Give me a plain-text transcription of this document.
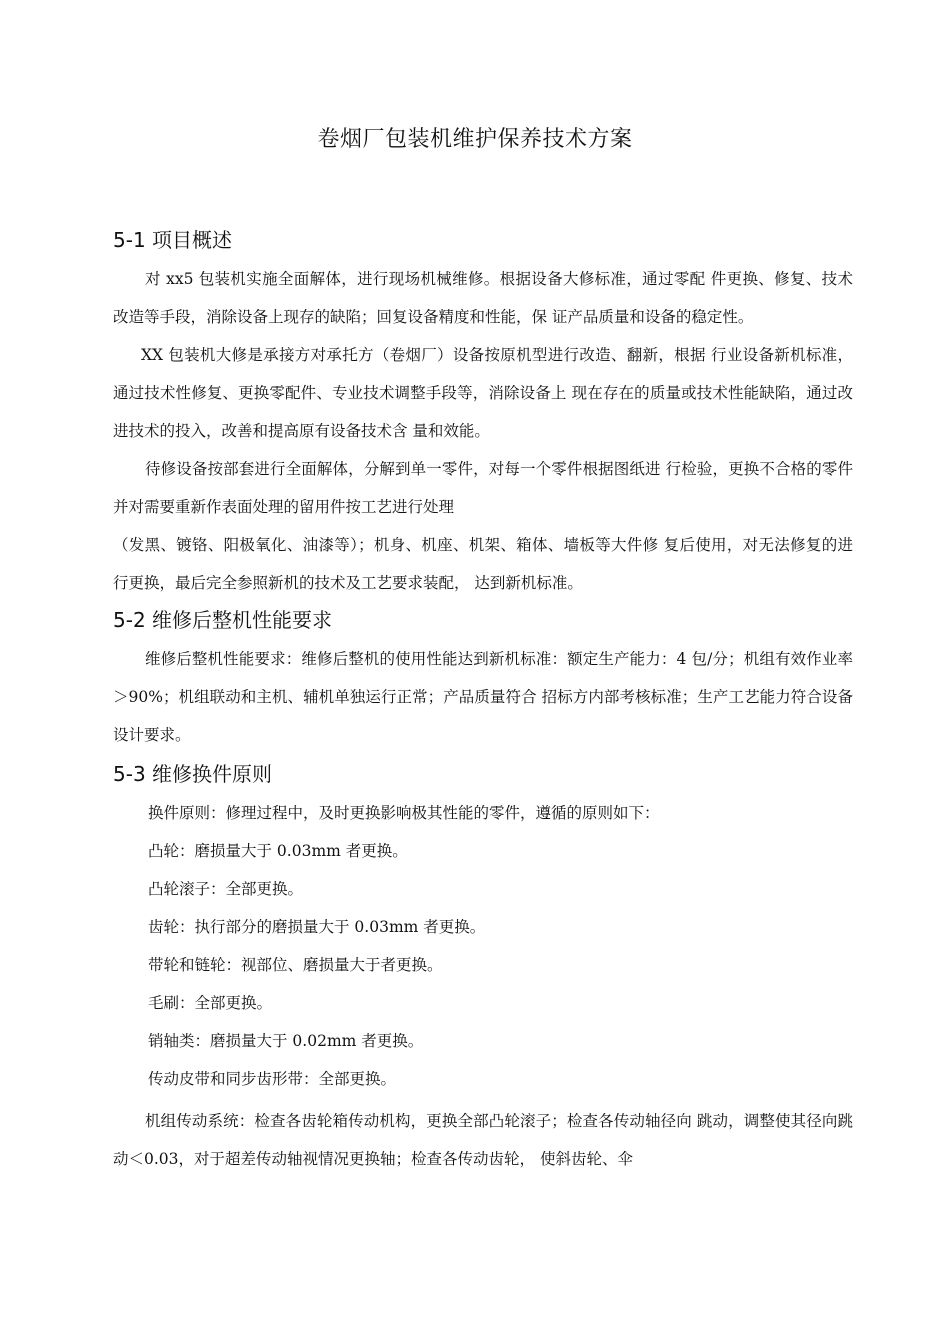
卷烟厂包装机维护保养技术方案
5-1 项目概述

对 xx5 包装机实施全面解体，进行现场机械维修。根据设备大修标准，通过零配 件更换、修复、技术改造等手段，消除设备上现存的缺陷；回复设备精度和性能，保 证产品质量和设备的稳定性。

XX 包装机大修是承接方对承托方（卷烟厂）设备按原机型进行改造、翻新，根据 行业设备新机标准，通过技术性修复、更换零配件、专业技术调整手段等，消除设备上 现在存在的质量或技术性能缺陷，通过改进技术的投入，改善和提高原有设备技术含 量和效能。

待修设备按部套进行全面解体，分解到单一零件，对每一个零件根据图纸进 行检验，更换不合格的零件并对需要重新作表面处理的留用件按工艺进行处理

（发黑、镀铬、阳极氧化、油漆等）；机身、机座、机架、箱体、墙板等大件修 复后使用，对无法修复的进行更换，最后完全参照新机的技术及工艺要求装配， 达到新机标准。

5-2 维修后整机性能要求

维修后整机性能要求：维修后整机的使用性能达到新机标准：额定生产能力：4 包/分；机组有效作业率＞90%；机组联动和主机、辅机单独运行正常；产品质量符合 招标方内部考核标准；生产工艺能力符合设备设计要求。

5-3 维修换件原则

换件原则：修理过程中，及时更换影响极其性能的零件，遵循的原则如下：

凸轮：磨损量大于 0.03mm 者更换。

凸轮滚子：全部更换。

齿轮：执行部分的磨损量大于 0.03mm 者更换。

带轮和链轮：视部位、磨损量大于者更换。

毛刷：全部更换。

销轴类：磨损量大于 0.02mm 者更换。

传动皮带和同步齿形带：全部更换。

机组传动系统：检查各齿轮箱传动机构，更换全部凸轮滚子；检查各传动轴径向 跳动，调整使其径向跳动＜0.03，对于超差传动轴视情况更换轴；检查各传动齿轮， 使斜齿轮、伞
